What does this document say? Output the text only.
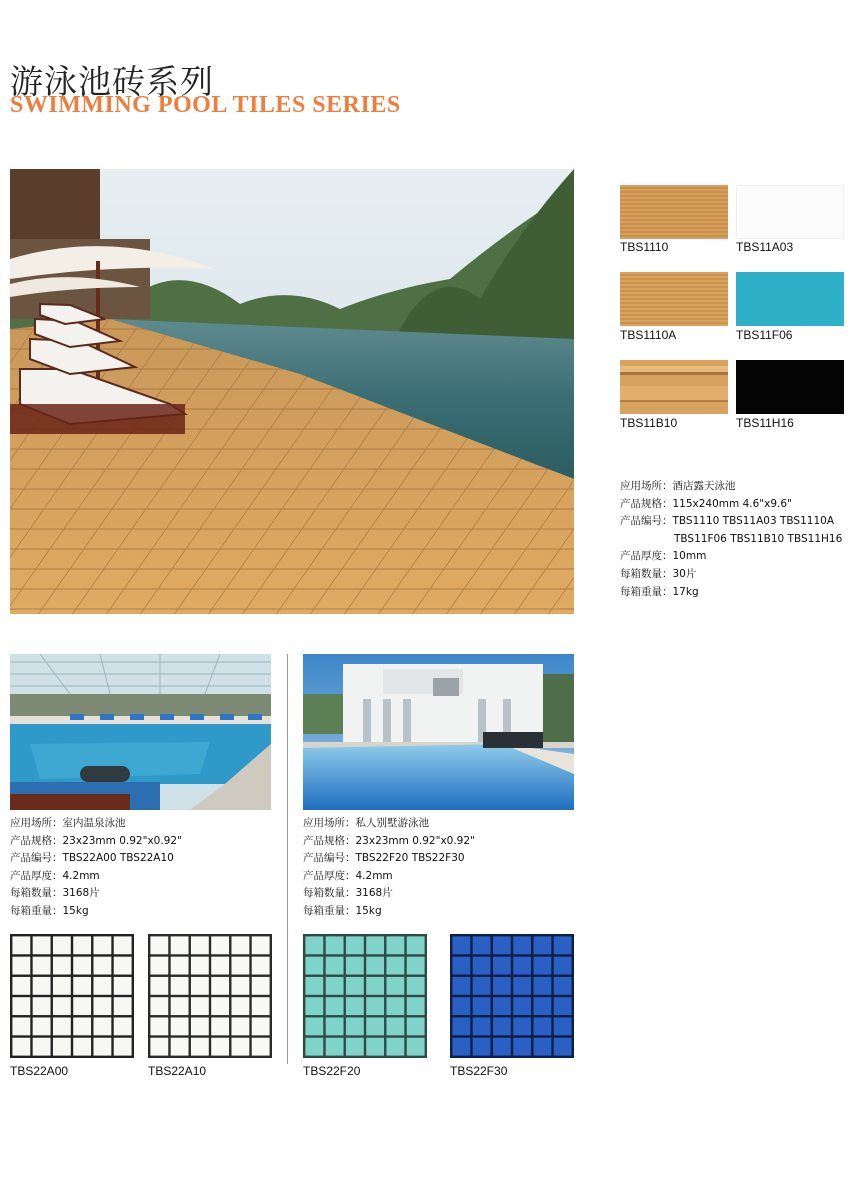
游泳池砖系列
SWIMMING POOL TILES SERIES
TBS1110	TBS11A03
TBS1110A	TBS11F06
TBS11B10	TBS11H16
应用场所：酒店露天泳池
产品规格：115x240mm 4.6"x9.6"
产品编号：TBS1110 TBS11A03 TBS1110A
TBS11F06 TBS11B10 TBS11H16
产品厚度：10mm
每箱数量：30片
每箱重量：17kg
应用场所：室内温泉泳池
产品规格：23x23mm 0.92"x0.92"
产品编号：TBS22A00 TBS22A10
产品厚度：4.2mm
每箱数量：3168片
每箱重量：15kg
应用场所：私人别墅游泳池
产品规格：23x23mm 0.92"x0.92"
产品编号：TBS22F20 TBS22F30
产品厚度：4.2mm
每箱数量：3168片
每箱重量：15kg
TBS22A00	TBS22A10	TBS22F20	TBS22F30
